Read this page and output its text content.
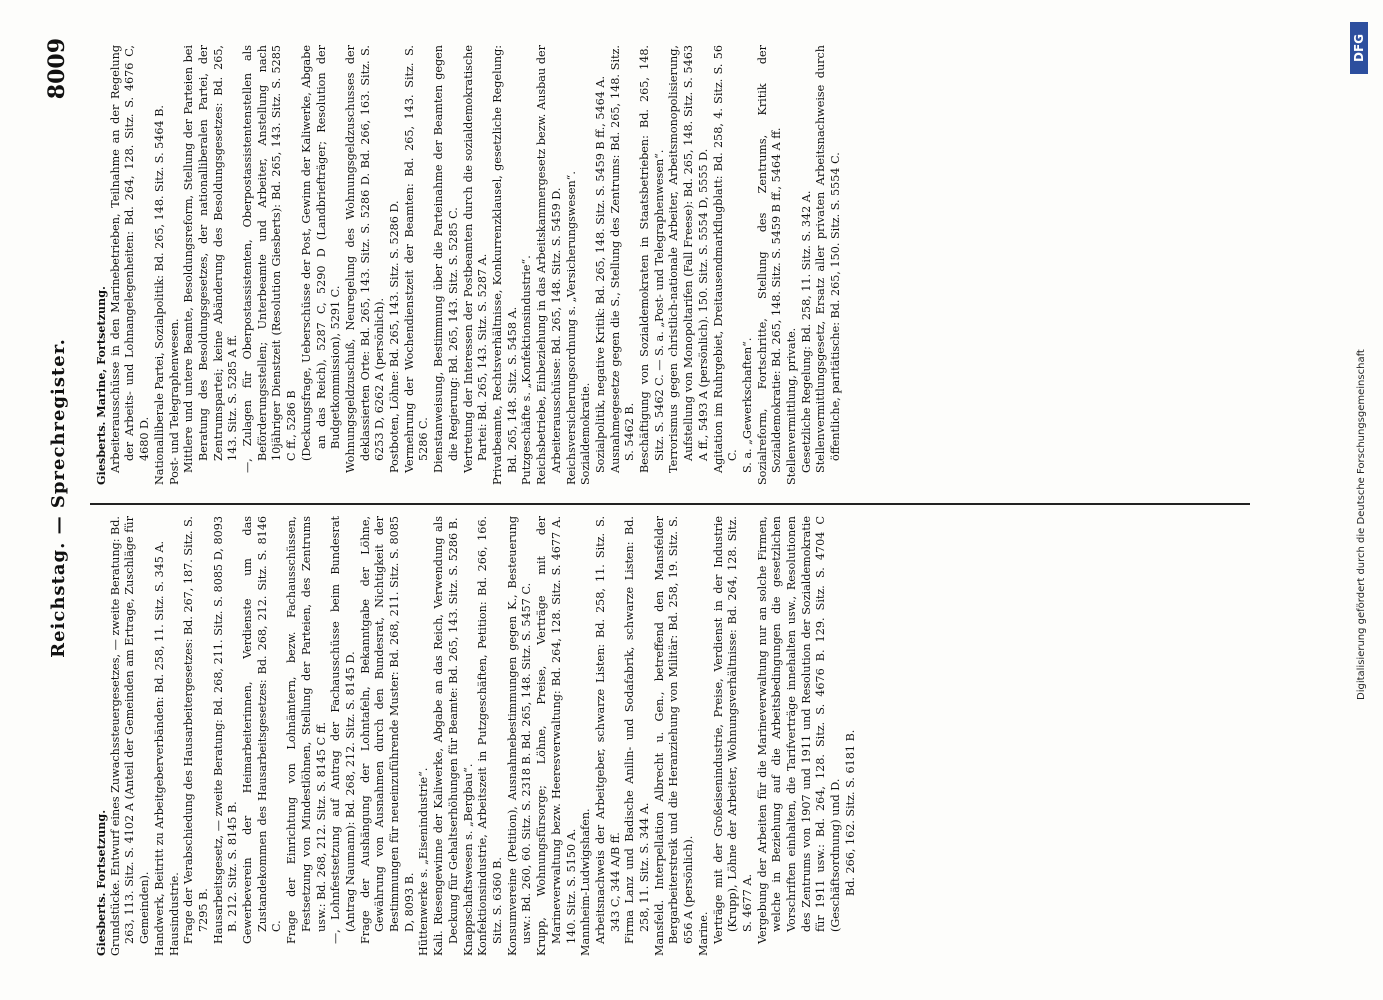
Reichstag. — Sprechregister.
8009

Giesberts. Fortsetzung. Grundstücke. Entwurf eines Zuwachssteuergesetzes, — zweite Beratung: Bd. 263, 113. Sitz. S. 4102 A (Anteil der Gemeinden am Ertrage, Zuschläge für Gemeinden). Handwerk, Beitritt zu Arbeitgeberverbänden: Bd. 258, 11. Sitz. S. 345 A. Hausindustrie. Frage der Verabschiedung des Hausarbeitergesetzes: Bd. 267, 187. Sitz. S. 7295 B. Hausarbeitsgesetz, — zweite Beratung: Bd. 268, 211. Sitz. S. 8085 D, 8093 B. 212. Sitz. S. 8145 B. Gewerbeverein der Heimarbeiterinnen, Verdienste um das Zustandekommen des Hausarbeitsgesetzes: Bd. 268, 212. Sitz. S. 8146 C. Frage der Einrichtung von Lohnämtern, bezw. Fachausschüssen, Festsetzung von Mindestlöhnen, Stellung der Parteien, des Zentrums usw.: Bd. 268, 212. Sitz. S. 8145 C ff. —, Lohnfestsetzung auf Antrag der Fachausschüsse beim Bundesrat (Antrag Naumann): Bd. 268, 212. Sitz. S. 8145 D. Frage der Aushängung der Lohntafeln, Bekanntgabe der Löhne, Gewährung von Ausnahmen durch den Bundesrat, Nichtigkeit der Bestimmungen für neueinzuführende Muster: Bd. 268, 211. Sitz. S. 8085 D, 8093 B. Hüttenwerke s. „Eisenindustrie“. Kali. Riesengewinne der Kaliwerke, Abgabe an das Reich, Verwendung als Deckung für Gehaltserhöhungen für Beamte: Bd. 265, 143. Sitz. S. 5286 B. Knappschaftswesen s. „Bergbau“. Konfektionsindustrie, Arbeitszeit in Putzgeschäften, Petition: Bd. 266, 166. Sitz. S. 6360 B. Konsumvereine (Petition), Ausnahmebestimmungen gegen K., Besteuerung usw.: Bd. 260, 60. Sitz. S. 2318 B. Bd. 265, 148. Sitz. S. 5457 C. Krupp, Wohnungsfürsorge; Löhne, Preise, Verträge mit der Marineverwaltung bezw. Heeresverwaltung: Bd. 264, 128. Sitz. S. 4677 A. 140. Sitz. S. 5150 A. Mannheim-Ludwigshafen. Arbeitsnachweis der Arbeitgeber, schwarze Listen: Bd. 258, 11. Sitz. S. 343 C, 344 A/B ff. Firma Lanz und Badische Anilin- und Sodafabrik, schwarze Listen: Bd. 258, 11. Sitz. S. 344 A. Mansfeld. Interpellation Albrecht u. Gen., betreffend den Mansfelder Bergarbeiterstreik und die Heranziehung von Militär: Bd. 258, 19. Sitz. S. 656 A (persönlich). Marine. Verträge mit der Großeisenindustrie, Preise, Verdienst in der Industrie (Krupp), Löhne der Arbeiter, Wohnungsverhältnisse: Bd. 264, 128. Sitz. S. 4677 A. Vergebung der Arbeiten für die Marineverwaltung nur an solche Firmen, welche in Beziehung auf die Arbeitsbedingungen die gesetzlichen Vorschriften einhalten, die Tarifverträge innehalten usw., Resolutionen des Zentrums von 1907 und 1911 und Resolution der Sozialdemokratie für 1911 usw.: Bd. 264, 128. Sitz. S. 4676 B. 129. Sitz. S. 4704 C (Geschäftsordnung) und D. Bd. 266, 162. Sitz. S. 6181 B.

Giesberts. Marine, Fortsetzung. Arbeiterausschüsse in den Marinebetrieben, Teilnahme an der Regelung der Arbeits- und Lohnangelegenheiten: Bd. 264, 128. Sitz. S. 4676 C, 4680 D. Nationalliberale Partei, Sozialpolitik: Bd. 265, 148. Sitz. S. 5464 B. Post- und Telegraphenwesen. Mittlere und untere Beamte, Besoldungsreform, Stellung der Parteien bei Beratung des Besoldungsgesetzes, der nationalliberalen Partei, der Zentrumspartei; keine Abänderung des Besoldungsgesetzes: Bd. 265, 143. Sitz. S. 5285 A ff. —, Zulagen für Oberpostassistenten, Oberpostassistentenstellen als Beförderungsstellen; Unterbeamte und Arbeiter, Anstellung nach 10jähriger Dienstzeit (Resolution Giesberts): Bd. 265, 143. Sitz. S. 5285 C ff., 5286 B (Deckungsfrage, Ueberschüsse der Post, Gewinn der Kaliwerke, Abgabe an das Reich), 5287 C, 5290 D (Landbriefträger; Resolution der Budgetkommission), 5291 C. Wohnungsgeldzuschuß, Neuregelung des Wohnungsgeldzuschusses der deklassierten Orte: Bd. 265, 143. Sitz. S. 5286 D. Bd. 266, 163. Sitz. S. 6253 D, 6262 A (persönlich). Postboten, Löhne: Bd. 265, 143. Sitz. S. 5286 D. Vermehrung der Wochendienstzeit der Beamten: Bd. 265, 143. Sitz. S. 5286 C. Dienstanweisung, Bestimmung über die Parteinahme der Beamten gegen die Regierung: Bd. 265, 143. Sitz. S. 5285 C. Vertretung der Interessen der Postbeamten durch die sozialdemokratische Partei: Bd. 265, 143. Sitz. S. 5287 A. Privatbeamte, Rechtsverhältnisse, Konkurrenzklausel, gesetzliche Regelung: Bd. 265, 148. Sitz. S. 5458 A. Putzgeschäfte s. „Konfektionsindustrie“. Reichsbetriebe, Einbeziehung in das Arbeitskammergesetz bezw. Ausbau der Arbeiterausschüsse: Bd. 265, 148. Sitz. S. 5459 D. Reichsversicherungsordnung s. „Versicherungswesen“. Sozialdemokratie. Sozialpolitik, negative Kritik: Bd. 265, 148. Sitz. S. 5459 B ff., 5464 A. Ausnahmegesetze gegen die S., Stellung des Zentrums: Bd. 265, 148. Sitz. S. 5462 B. Beschäftigung von Sozialdemokraten in Staatsbetrieben: Bd. 265, 148. Sitz. S. 5462 C. — S. a. „Post- und Telegraphenwesen“. Terrorismus gegen christlich-nationale Arbeiter, Arbeitsmonopolisierung, Aufstellung von Monopoltarifen (Fall Freese): Bd. 265, 148. Sitz. S. 5463 A ff., 5493 A (persönlich). 150. Sitz. S. 5554 D, 5555 D. Agitation im Ruhrgebiet, Dreitausendmarkflugblatt: Bd. 258, 4. Sitz. S. 56 C. S. a. „Gewerkschaften“. Sozialreform, Fortschritte, Stellung des Zentrums, Kritik der Sozialdemokratie: Bd. 265, 148. Sitz. S. 5459 B ff., 5464 A ff. Stellenvermittlung, private. Gesetzliche Regelung: Bd. 258, 11. Sitz. S. 342 A. Stellenvermittlungsgesetz, Ersatz aller privaten Arbeitsnachweise durch öffentliche, paritätische: Bd. 265, 150. Sitz. S. 5554 C.

Digitalisierung gefördert durch die Deutsche Forschungsgemeinschaft
DFG
